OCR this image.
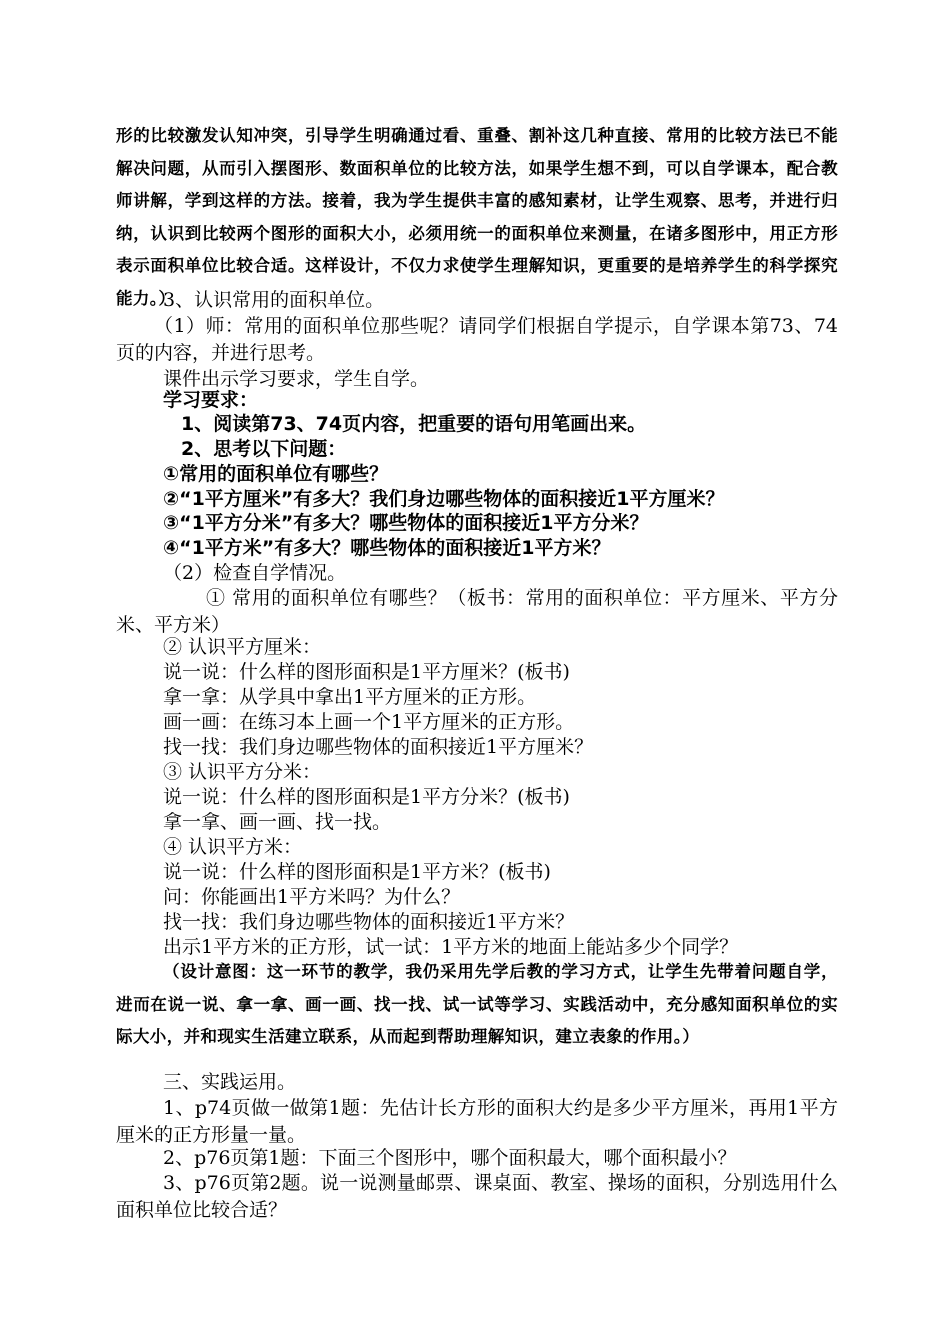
形的比较激发认知冲突，引导学生明确通过看、重叠、割补这几种直接、常用的比较方法已不能解决问题，从而引入摆图形、数面积单位的比较方法，如果学生想不到，可以自学课本，配合教师讲解，学到这样的方法。接着，我为学生提供丰富的感知素材，让学生观察、思考，并进行归纳，认识到比较两个图形的面积大小，必须用统一的面积单位来测量，在诸多图形中，用正方形表示面积单位比较合适。这样设计，不仅力求使学生理解知识，更重要的是培养学生的科学探究能力。）

3、认识常用的面积单位。

（1）师：常用的面积单位那些呢？请同学们根据自学提示，自学课本第73、74页的内容，并进行思考。

课件出示学习要求，学生自学。

学习要求：

1、阅读第73、74页内容，把重要的语句用笔画出来。

2、思考以下问题：

①常用的面积单位有哪些？

②“1平方厘米”有多大？我们身边哪些物体的面积接近1平方厘米？

③“1平方分米”有多大？哪些物体的面积接近1平方分米？

④“1平方米”有多大？哪些物体的面积接近1平方米？

（2）检查自学情况。

① 常用的面积单位有哪些？（板书：常用的面积单位：平方厘米、平方分米、平方米）

② 认识平方厘米：

说一说：什么样的图形面积是1平方厘米？(板书)

拿一拿：从学具中拿出1平方厘米的正方形。

画一画：在练习本上画一个1平方厘米的正方形。

找一找：我们身边哪些物体的面积接近1平方厘米？

③ 认识平方分米：

说一说：什么样的图形面积是1平方分米？(板书)

拿一拿、画一画、找一找。

④ 认识平方米：

说一说：什么样的图形面积是1平方米？(板书)

问：你能画出1平方米吗？为什么？

找一找：我们身边哪些物体的面积接近1平方米？

出示1平方米的正方形，试一试：1平方米的地面上能站多少个同学？

（设计意图：这一环节的教学，我仍采用先学后教的学习方式，让学生先带着问题自学，进而在说一说、拿一拿、画一画、找一找、试一试等学习、实践活动中，充分感知面积单位的实际大小，并和现实生活建立联系，从而起到帮助理解知识，建立表象的作用。）

三、实践运用。

1、p74页做一做第1题：先估计长方形的面积大约是多少平方厘米，再用1平方厘米的正方形量一量。

2、p76页第1题：下面三个图形中，哪个面积最大，哪个面积最小？

3、p76页第2题。说一说测量邮票、课桌面、教室、操场的面积，分别选用什么面积单位比较合适？
